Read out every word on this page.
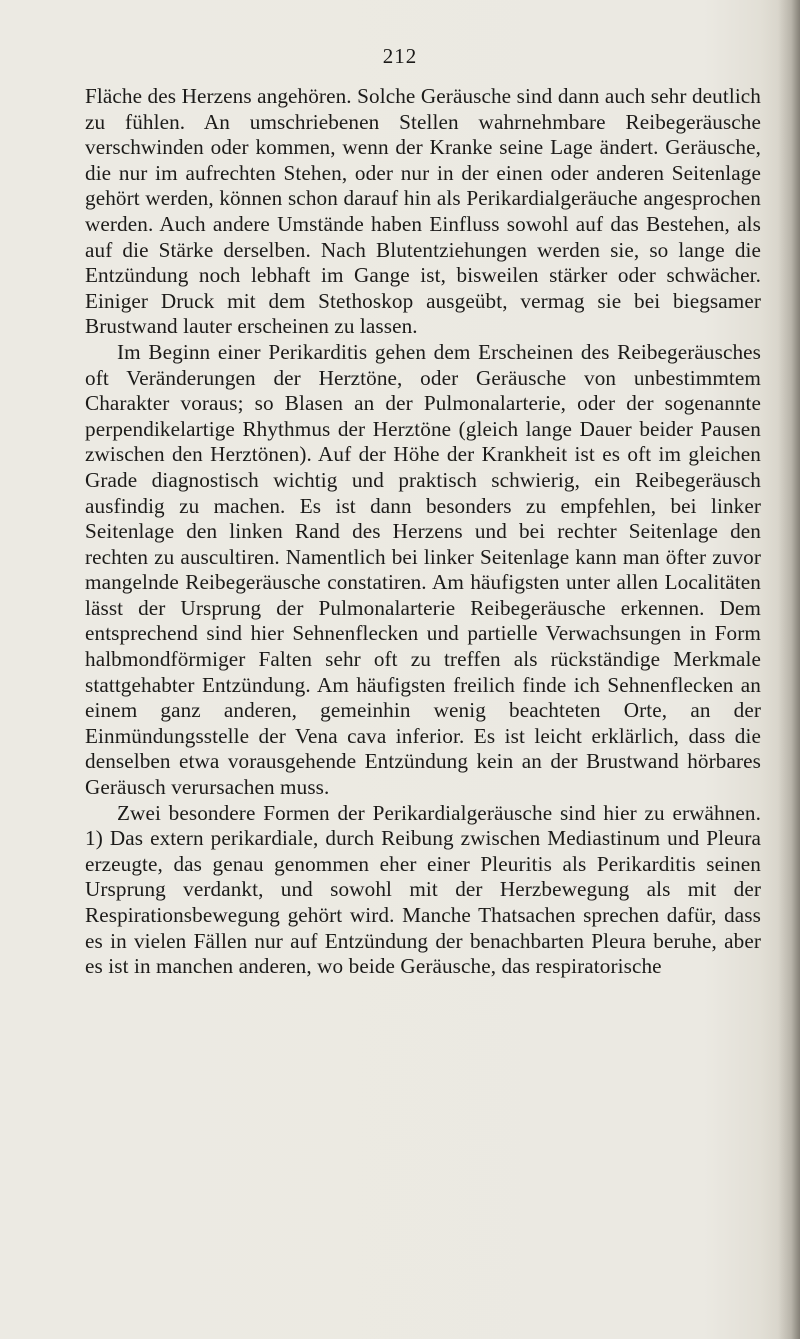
212

Fläche des Herzens angehören. Solche Geräusche sind dann auch sehr deutlich zu fühlen. An umschriebenen Stellen wahrnehmbare Reibegeräusche verschwinden oder kommen, wenn der Kranke seine Lage ändert. Geräusche, die nur im aufrechten Stehen, oder nur in der einen oder anderen Seitenlage gehört werden, können schon darauf hin als Perikardialgeräuche angesprochen werden. Auch andere Umstände haben Einfluss sowohl auf das Bestehen, als auf die Stärke derselben. Nach Blutentziehungen werden sie, so lange die Entzündung noch lebhaft im Gange ist, bisweilen stärker oder schwächer. Einiger Druck mit dem Stethoskop ausgeübt, vermag sie bei biegsamer Brustwand lauter erscheinen zu lassen.

Im Beginn einer Perikarditis gehen dem Erscheinen des Reibegeräusches oft Veränderungen der Herztöne, oder Geräusche von unbestimmtem Charakter voraus; so Blasen an der Pulmonalarterie, oder der sogenannte perpendikelartige Rhythmus der Herztöne (gleich lange Dauer beider Pausen zwischen den Herztönen). Auf der Höhe der Krankheit ist es oft im gleichen Grade diagnostisch wichtig und praktisch schwierig, ein Reibegeräusch ausfindig zu machen. Es ist dann besonders zu empfehlen, bei linker Seitenlage den linken Rand des Herzens und bei rechter Seitenlage den rechten zu auscultiren. Namentlich bei linker Seitenlage kann man öfter zuvor mangelnde Reibegeräusche constatiren. Am häufigsten unter allen Localitäten lässt der Ursprung der Pulmonalarterie Reibegeräusche erkennen. Dem entsprechend sind hier Sehnenflecken und partielle Verwachsungen in Form halbmondförmiger Falten sehr oft zu treffen als rückständige Merkmale stattgehabter Entzündung. Am häufigsten freilich finde ich Sehnenflecken an einem ganz anderen, gemeinhin wenig beachteten Orte, an der Einmündungsstelle der Vena cava inferior. Es ist leicht erklärlich, dass die denselben etwa vorausgehende Entzündung kein an der Brustwand hörbares Geräusch verursachen muss.

Zwei besondere Formen der Perikardialgeräusche sind hier zu erwähnen. 1) Das extern perikardiale, durch Reibung zwischen Mediastinum und Pleura erzeugte, das genau genommen eher einer Pleuritis als Perikarditis seinen Ursprung verdankt, und sowohl mit der Herzbewegung als mit der Respirationsbewegung gehört wird. Manche Thatsachen sprechen dafür, dass es in vielen Fällen nur auf Entzündung der benachbarten Pleura beruhe, aber es ist in manchen anderen, wo beide Geräusche, das respiratorische
